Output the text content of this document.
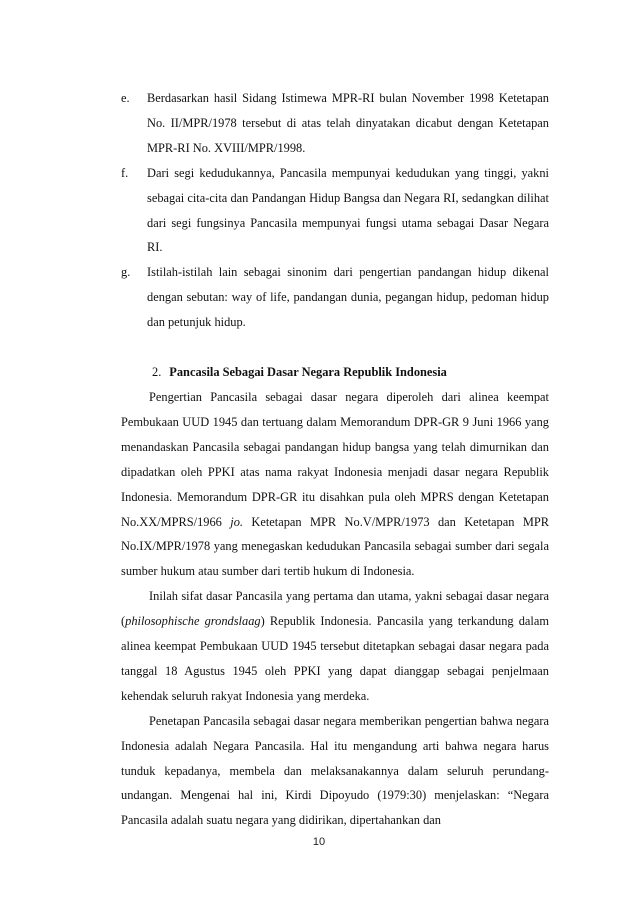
e.	Berdasarkan hasil Sidang Istimewa MPR-RI bulan November 1998 Ketetapan No. II/MPR/1978 tersebut di atas telah dinyatakan dicabut dengan Ketetapan MPR-RI No. XVIII/MPR/1998.
f.	Dari segi kedudukannya, Pancasila mempunyai kedudukan yang tinggi, yakni sebagai cita-cita dan Pandangan Hidup Bangsa dan Negara RI, sedangkan dilihat dari segi fungsinya Pancasila mempunyai fungsi utama sebagai Dasar Negara RI.
g.	Istilah-istilah lain sebagai sinonim dari pengertian pandangan hidup dikenal dengan sebutan: way of life, pandangan dunia, pegangan hidup, pedoman hidup dan petunjuk hidup.
2. Pancasila Sebagai Dasar Negara Republik Indonesia
Pengertian Pancasila sebagai dasar negara diperoleh dari alinea keempat Pembukaan UUD 1945 dan tertuang dalam Memorandum DPR-GR 9 Juni 1966 yang menandaskan Pancasila sebagai pandangan hidup bangsa yang telah dimurnikan dan dipadatkan oleh PPKI atas nama rakyat Indonesia menjadi dasar negara Republik Indonesia. Memorandum DPR-GR itu disahkan pula oleh MPRS dengan Ketetapan No.XX/MPRS/1966 jo. Ketetapan MPR No.V/MPR/1973 dan Ketetapan MPR No.IX/MPR/1978 yang menegaskan kedudukan Pancasila sebagai sumber dari segala sumber hukum atau sumber dari tertib hukum di Indonesia.
Inilah sifat dasar Pancasila yang pertama dan utama, yakni sebagai dasar negara (philosophische grondslaag) Republik Indonesia. Pancasila yang terkandung dalam alinea keempat Pembukaan UUD 1945 tersebut ditetapkan sebagai dasar negara pada tanggal 18 Agustus 1945 oleh PPKI yang dapat dianggap sebagai penjelmaan kehendak seluruh rakyat Indonesia yang merdeka.
Penetapan Pancasila sebagai dasar negara memberikan pengertian bahwa negara Indonesia adalah Negara Pancasila. Hal itu mengandung arti bahwa negara harus tunduk kepadanya, membela dan melaksanakannya dalam seluruh perundang-undangan. Mengenai hal ini, Kirdi Dipoyudo (1979:30) menjelaskan: “Negara Pancasila adalah suatu negara yang didirikan, dipertahankan dan
10
